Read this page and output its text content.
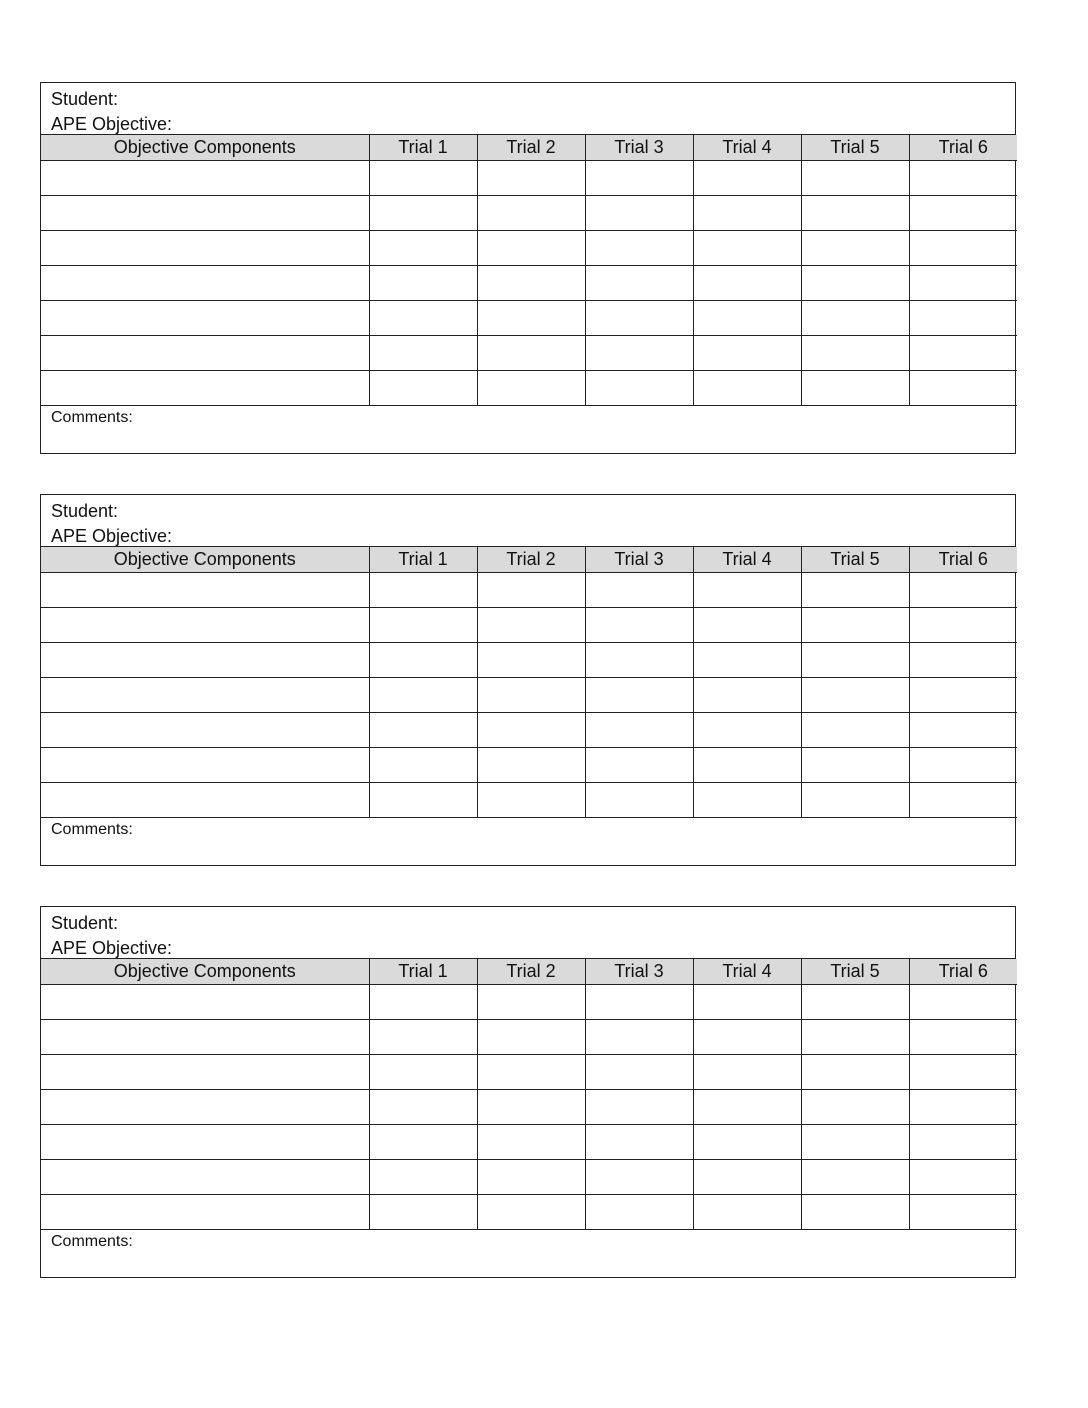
Student:
APE Objective:
Objective Components	Trial 1	Trial 2	Trial 3	Trial 4	Trial 5	Trial 6

Comments:
Student:
APE Objective:
Objective Components	Trial 1	Trial 2	Trial 3	Trial 4	Trial 5	Trial 6

Comments:
Student:
APE Objective:
Objective Components	Trial 1	Trial 2	Trial 3	Trial 4	Trial 5	Trial 6

Comments:
